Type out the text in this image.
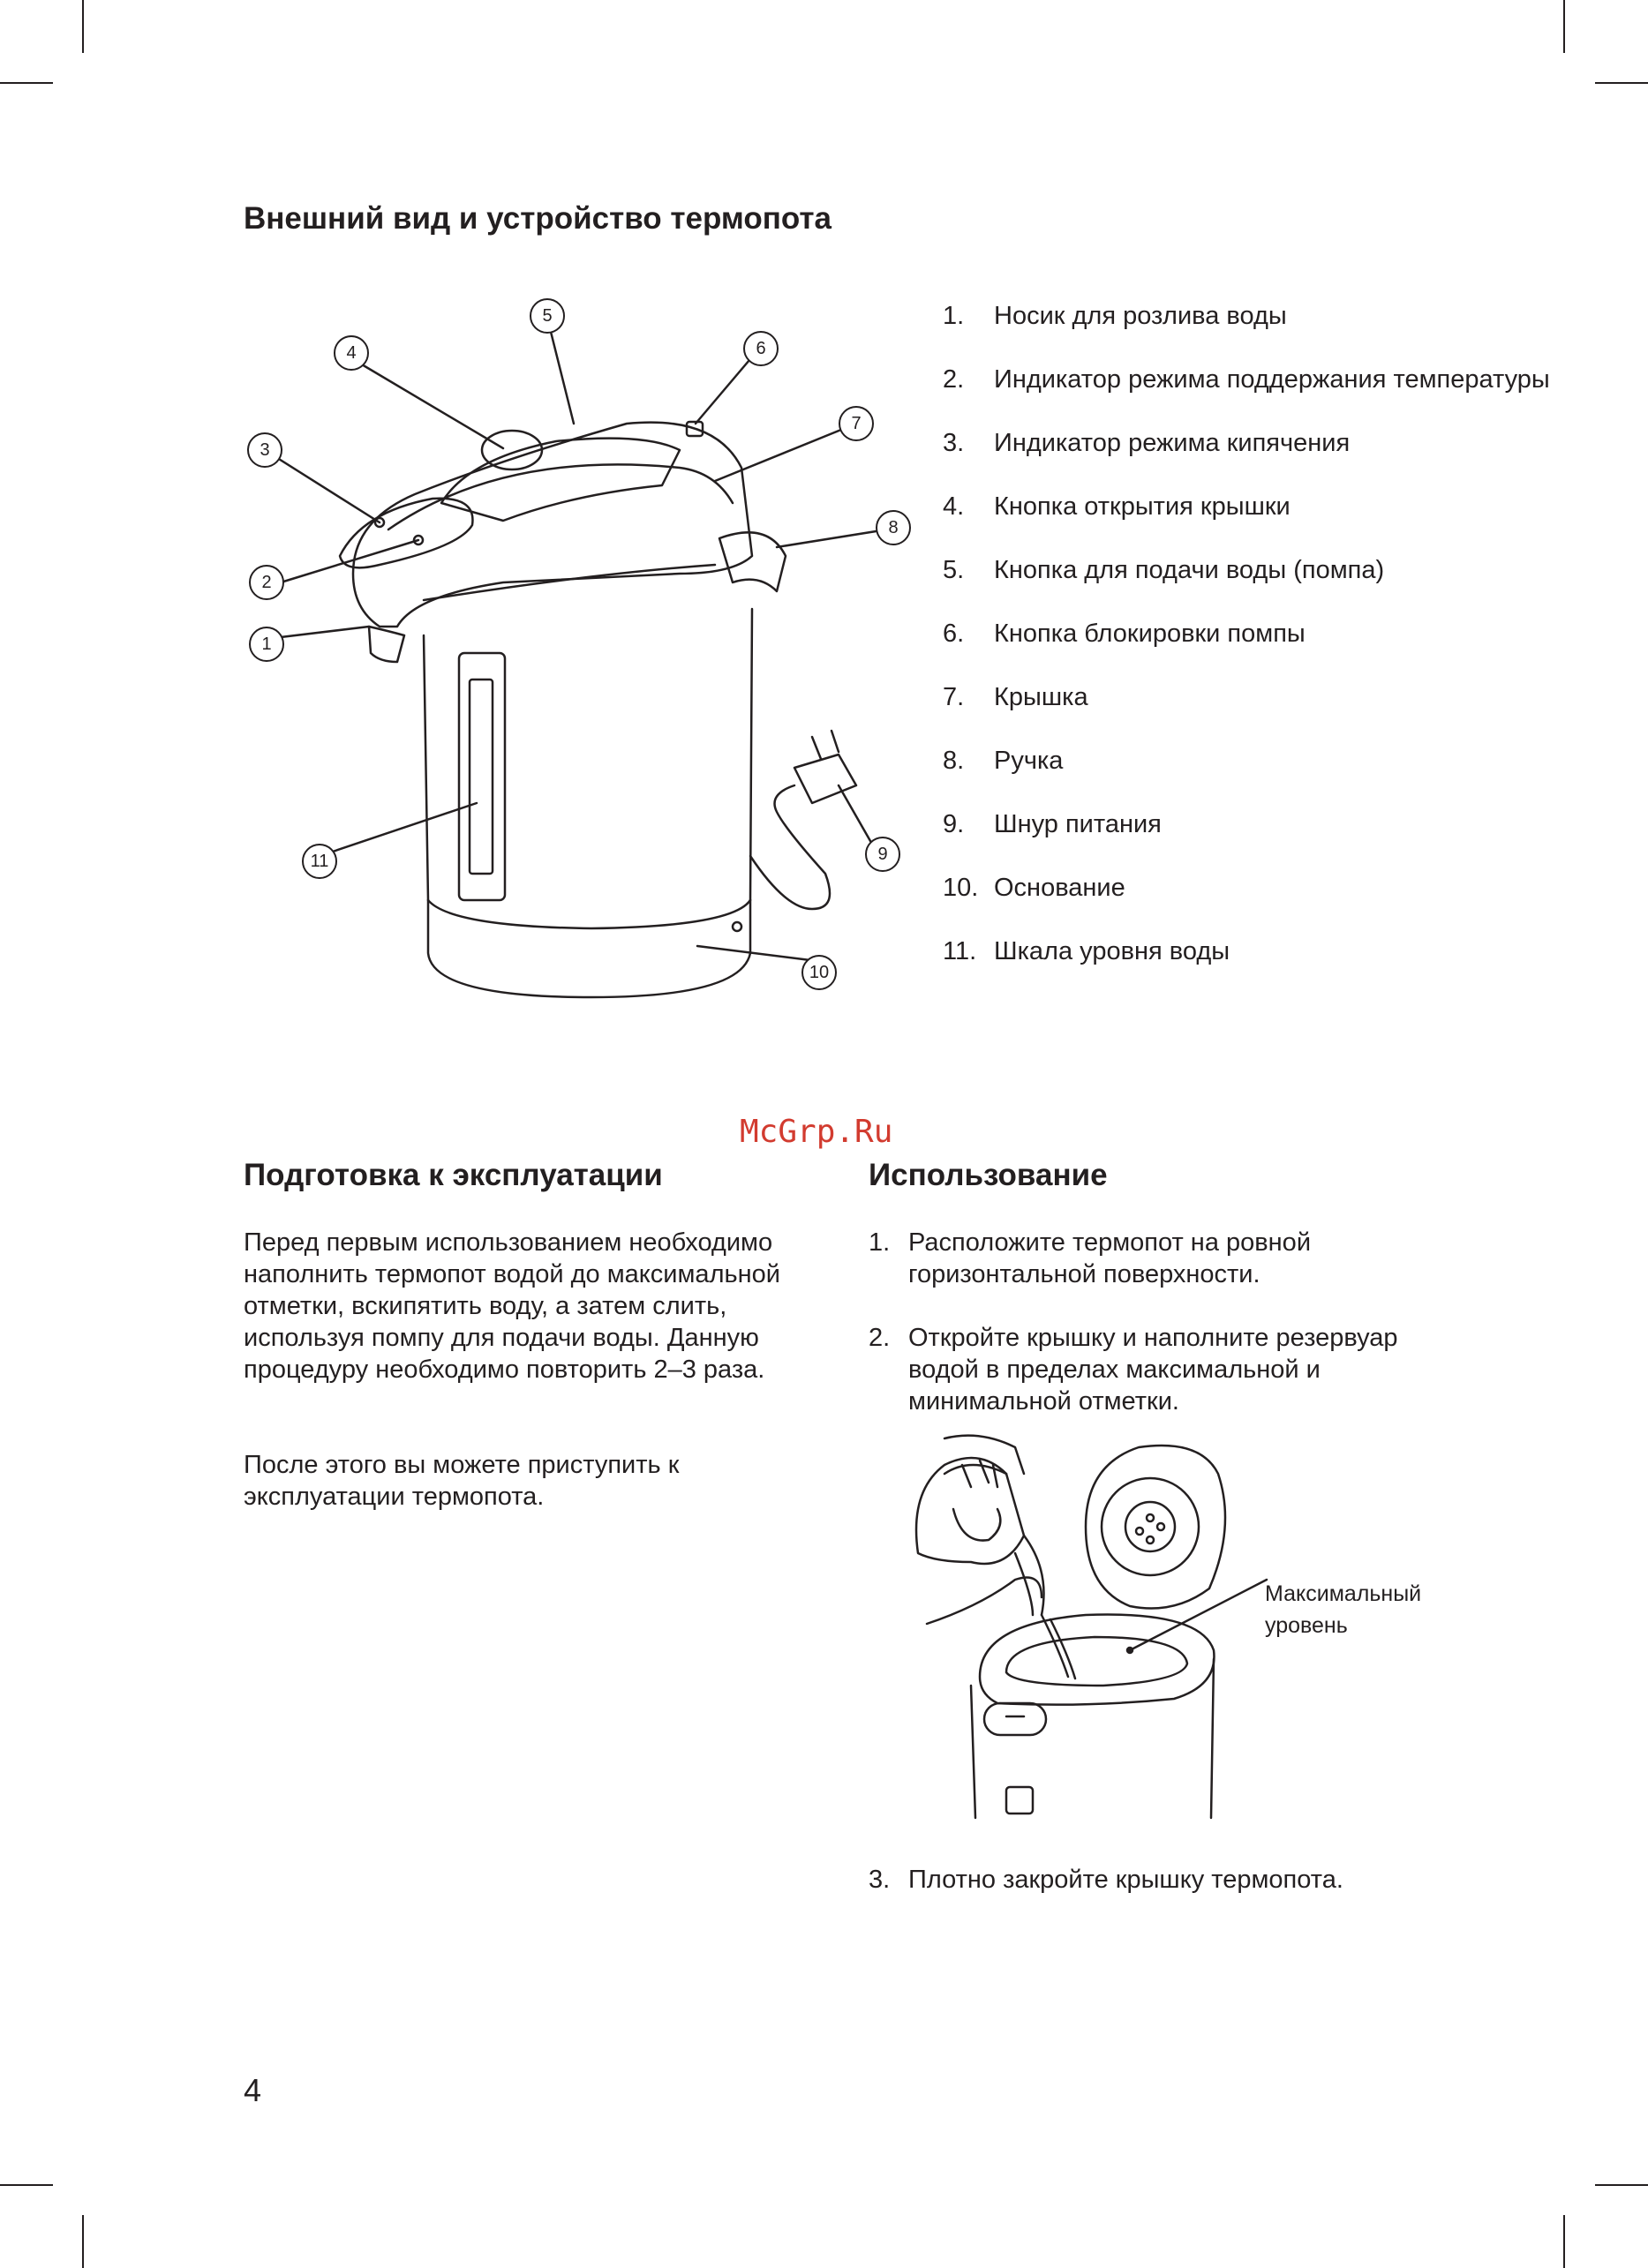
Внешний вид и устройство термопота
1
2
3
4
5
6
7
8
9
10
11
1. Носик для розлива воды
2. Индикатор режима поддержания температуры
3. Индикатор режима кипячения
4. Кнопка открытия крышки
5. Кнопка для подачи воды (помпа)
6. Кнопка блокировки помпы
7. Крышка
8. Ручка
9. Шнур питания
10. Основание
11. Шкала уровня воды
McGrp.Ru
Подготовка к эксплуатации

Перед первым использованием необходимо наполнить термопот водой до максимальной отметки, вскипятить воду, а затем слить, используя помпу для подачи воды. Данную процедуру необходимо повторить 2–3 раза.

После этого вы можете приступить к эксплуатации термопота.

Использование
1. Расположите термопот на ровной горизонтальной поверхности.
2. Откройте крышку и наполните резервуар водой в пределах максимальной и минимальной отметки.
Максимальный уровень
3. Плотно закройте крышку термопота.
4
